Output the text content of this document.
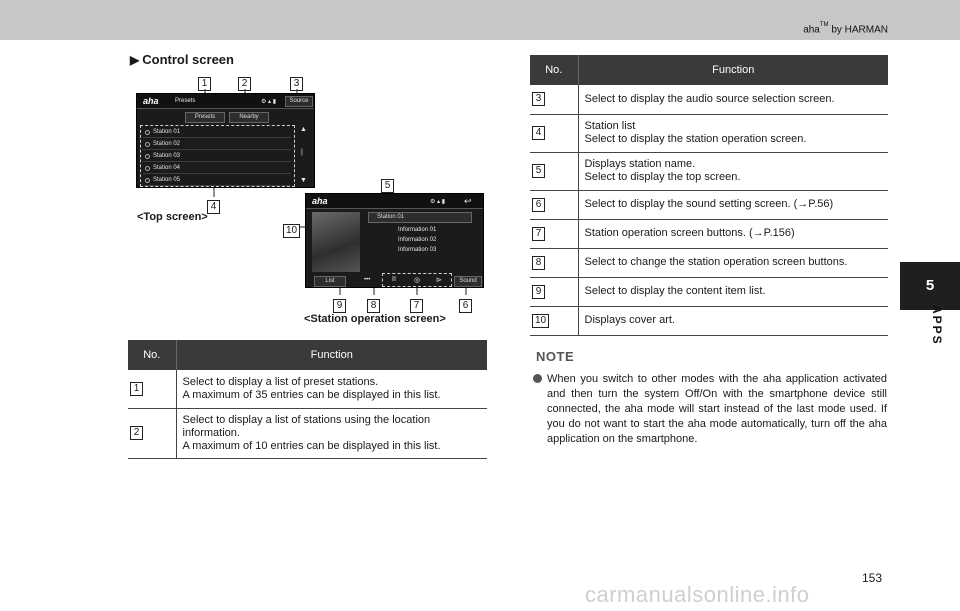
aha™ by HARMAN
5
APPS
▶ Control screen
1	2	3
aha	Presets	⚙ ▴ ▮	Source
Presets	Nearby
Station 01
Station 02
Station 03
Station 04
Station 05
▲
|
▼
4
<Top screen>
5
10
aha	⚙ ▴ ▮ ↩
Station 01
Information 01
Information 02
Information 03
List	•••	II	◎ ⊳	Sound
9	8	7	6
<Station operation screen>
No.	Function
1	Select to display a list of preset stations.
A maximum of 35 entries can be displayed in this list.

2	Select to display a list of stations using the location
information.
A maximum of 10 entries can be displayed in this list.
No.	Function
3	Select to display the audio source selection screen.

4	Station list
Select to display the station operation screen.

5	Displays station name.
Select to display the top screen.

6	Select to display the sound setting screen. (→P.56)

7	Station operation screen buttons. (→P.156)

8	Select to change the station operation screen buttons.

9	Select to display the content item list.

10	Displays cover art.
NOTE

When you switch to other modes with the aha application activated and then turn the system Off/On with the smartphone device still connected, the aha mode will start instead of the last mode used. If you do not want to start the aha mode automatically, turn off the aha application on the smartphone.

153
carmanualsonline.info
